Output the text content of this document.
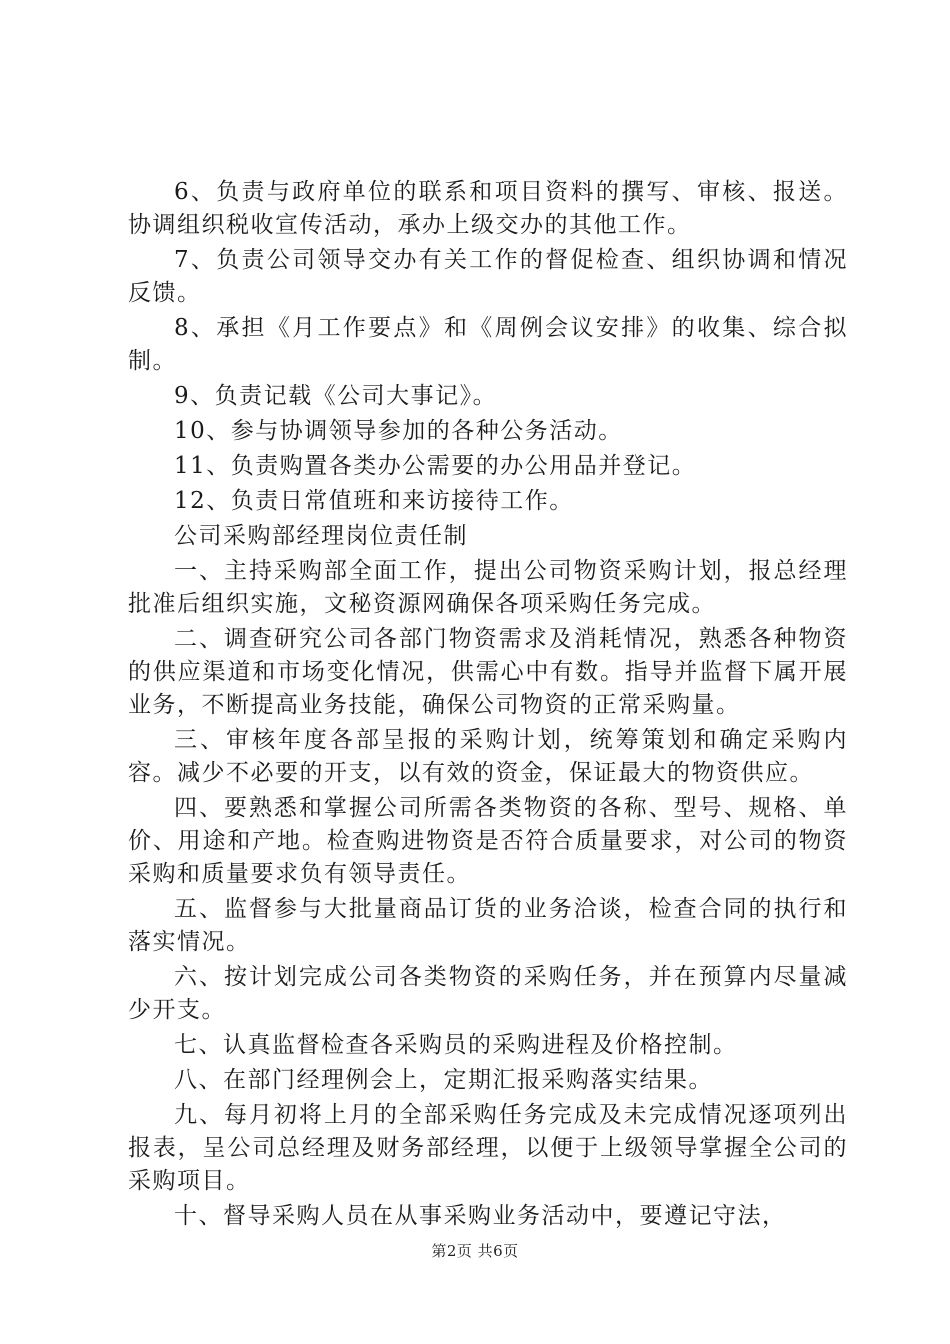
6、负责与政府单位的联系和项目资料的撰写、审核、报送。协调组织税收宣传活动，承办上级交办的其他工作。

7、负责公司领导交办有关工作的督促检查、组织协调和情况反馈。

8、承担《月工作要点》和《周例会议安排》的收集、综合拟制。

9、负责记载《公司大事记》。

10、参与协调领导参加的各种公务活动。

11、负责购置各类办公需要的办公用品并登记。

12、负责日常值班和来访接待工作。

公司采购部经理岗位责任制

一、主持采购部全面工作，提出公司物资采购计划，报总经理批准后组织实施，文秘资源网确保各项采购任务完成。

二、调查研究公司各部门物资需求及消耗情况，熟悉各种物资的供应渠道和市场变化情况，供需心中有数。指导并监督下属开展业务，不断提高业务技能，确保公司物资的正常采购量。

三、审核年度各部呈报的采购计划，统筹策划和确定采购内容。减少不必要的开支，以有效的资金，保证最大的物资供应。

四、要熟悉和掌握公司所需各类物资的各称、型号、规格、单价、用途和产地。检查购进物资是否符合质量要求，对公司的物资采购和质量要求负有领导责任。

五、监督参与大批量商品订货的业务洽谈，检查合同的执行和落实情况。

六、按计划完成公司各类物资的采购任务，并在预算内尽量减少开支。

七、认真监督检查各采购员的采购进程及价格控制。

八、在部门经理例会上，定期汇报采购落实结果。

九、每月初将上月的全部采购任务完成及未完成情况逐项列出报表，呈公司总经理及财务部经理，以便于上级领导掌握全公司的采购项目。

十、督导采购人员在从事采购业务活动中，要遵记守法，

第2页 共6页
